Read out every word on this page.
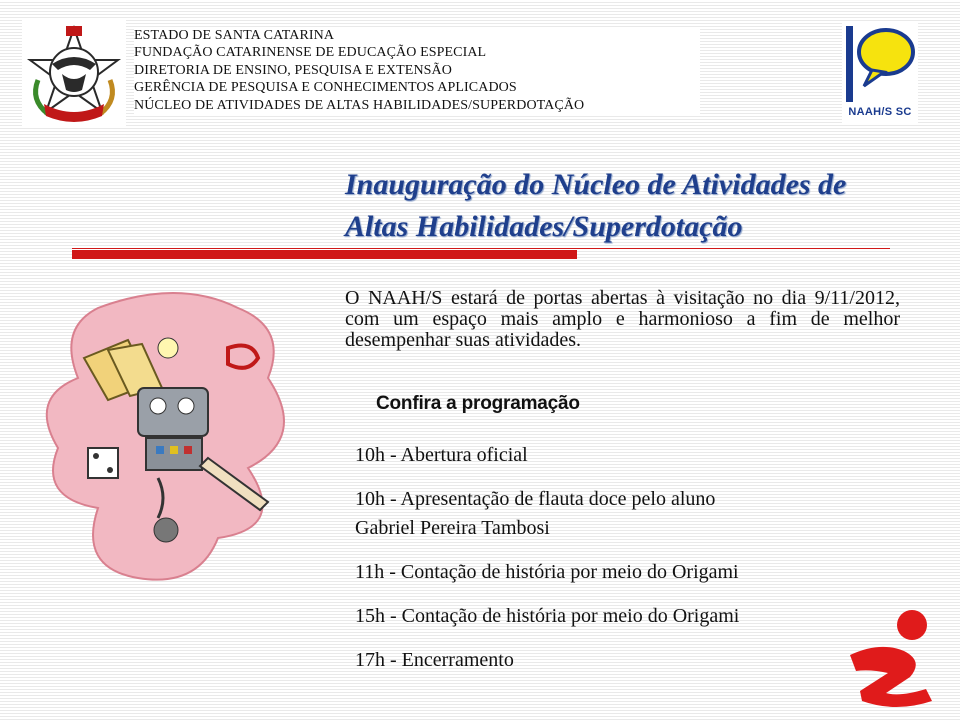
ESTADO DE SANTA CATARINA
FUNDAÇÃO CATARINENSE DE EDUCAÇÃO ESPECIAL
DIRETORIA DE ENSINO, PESQUISA E EXTENSÃO
GERÊNCIA DE PESQUISA E CONHECIMENTOS APLICADOS
NÚCLEO DE ATIVIDADES DE ALTAS HABILIDADES/SUPERDOTAÇÃO	NAAH/S SC
Inauguração do Núcleo de Atividades de
Altas Habilidades/Superdotação
O NAAH/S estará de portas abertas à visitação no dia 9/11/2012, com um espaço mais amplo e harmonioso a fim de melhor desempenhar suas atividades.
Confira a programação
10h - Abertura oficial
10h - Apresentação de flauta doce pelo aluno
Gabriel Pereira Tambosi
11h - Contação de história por meio do Origami
15h - Contação de história por meio do Origami
17h - Encerramento
